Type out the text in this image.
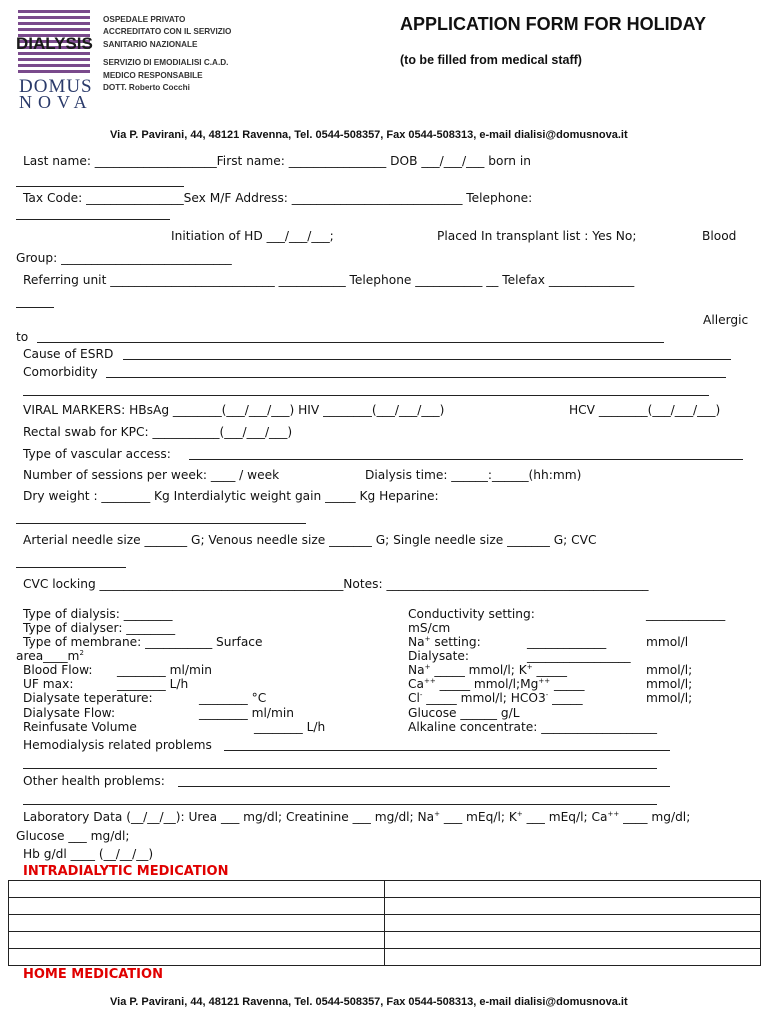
DIALYSIS
DOMUS
NOVA
OSPEDALE PRIVATO
ACCREDITATO CON IL SERVIZIO
SANITARIO NAZIONALE
SERVIZIO DI EMODIALISI C.A.D.
MEDICO RESPONSABILE
DOTT. Roberto Cocchi
APPLICATION FORM FOR HOLIDAY
(to be filled from medical staff)
Via P. Pavirani, 44, 48121 Ravenna, Tel. 0544-508357, Fax 0544-508313, e-mail dialisi@domusnova.it
Last name: ____________________First name: ________________ DOB ___/___/___ born in
Tax Code: ________________Sex M/F Address: ____________________________ Telephone:
Initiation of HD ___/___/___;	Placed In transplant list : Yes No;	Blood
Group: ____________________________
Referring unit ___________________________ ___________ Telephone ___________ __ Telefax ______________
Allergic
to
Cause of ESRD
Comorbidity
VIRAL MARKERS: HBsAg ________(___/___/___) HIV ________(___/___/___)	HCV ________(___/___/___)
Rectal swab for KPC: ___________(___/___/___)
Type of vascular access:
Number of sessions per week: ____ / week	Dialysis time: ______:______(hh:mm)
Dry weight : ________ Kg Interdialytic weight gain _____ Kg Heparine:
Arterial needle size _______ G; Venous needle size _______ G; Single needle size _______ G; CVC
CVC locking ________________________________________Notes: ___________________________________________
Type of dialysis: ________
Type of dialyser: ________
Type of membrane: ___________ Surface
$area\_\_\_\_m^2$
Blood Flow: ________ ml/min
UF max:	________ L/h
Dialysate teperature:	________ °C
Dialysate Flow:	________ ml/min
Reinfusate Volume	________ L/h
Conductivity setting:	_____________
mS/cm
Na+ setting:	_____________	mmol/l
Dialysate:	_________________
Na+ _____ mmol/l; K+ _____	mmol/l;
Ca++ _____ mmol/l;Mg++ _____	mmol/l;
Cl- _____ mmol/l; HCO3- _____	mmol/l;
Glucose ______ g/L
Alkaline concentrate: ___________________
Hemodialysis related problems
Other health problems:
Laboratory Data (__/__/__): Urea ___ mg/dl; Creatinine ___ mg/dl; Na+ ___ mEq/l; K+ ___ mEq/l; Ca++ ____ mg/dl;
Glucose ___ mg/dl;
Hb g/dl ____ (__/__/__)
INTRADIALYTIC MEDICATION

HOME MEDICATION
Via P. Pavirani, 44, 48121 Ravenna, Tel. 0544-508357, Fax 0544-508313, e-mail dialisi@domusnova.it
